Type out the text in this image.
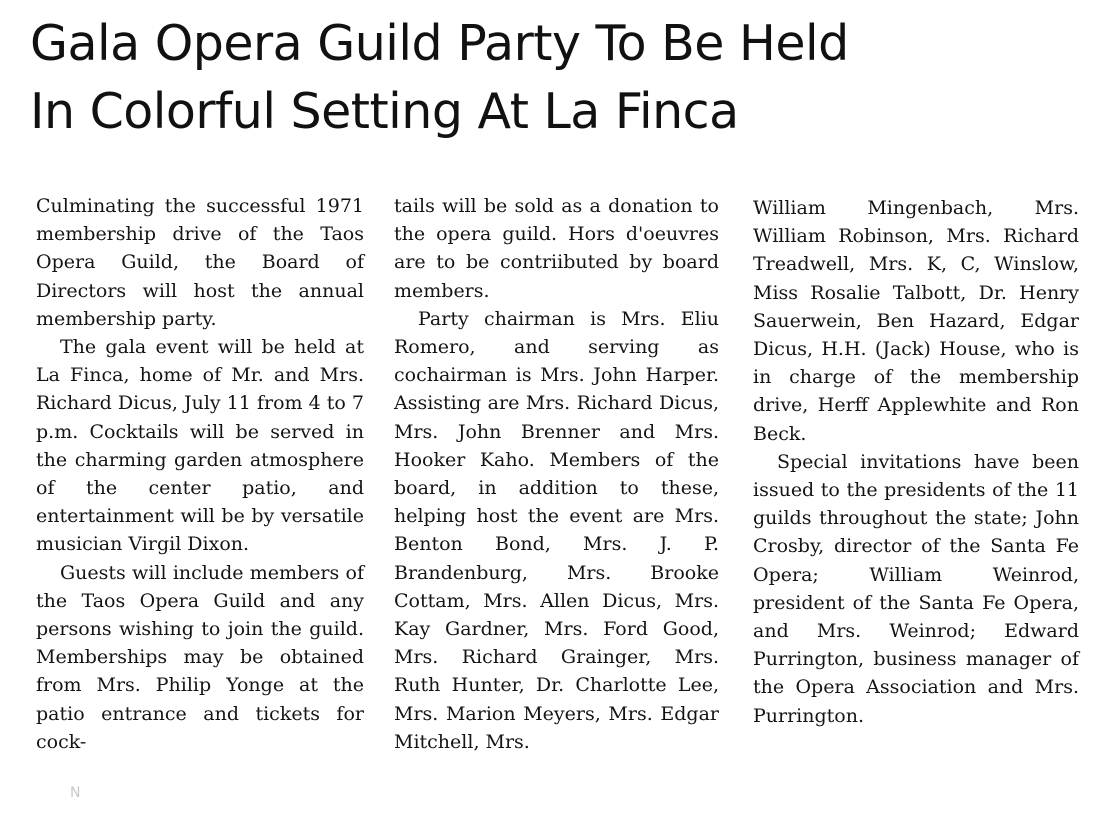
Gala Opera Guild Party To Be Held
In Colorful Setting At La Finca

Culminating the successful 1971 membership drive of the Taos Opera Guild, the Board of Directors will host the annual membership party.

The gala event will be held at La Finca, home of Mr. and Mrs. Richard Dicus, July 11 from 4 to 7 p.m. Cocktails will be served in the charming garden atmosphere of the center patio, and entertainment will be by versatile musician Virgil Dixon.

Guests will include members of the Taos Opera Guild and any persons wishing to join the guild. Memberships may be obtained from Mrs. Philip Yonge at the patio entrance and tickets for cock-

tails will be sold as a donation to the opera guild. Hors d'oeuvres are to be contriibuted by board members.

Party chairman is Mrs. Eliu Romero, and serving as cochairman is Mrs. John Harper. Assisting are Mrs. Richard Dicus, Mrs. John Brenner and Mrs. Hooker Kaho. Members of the board, in addition to these, helping host the event are Mrs. Benton Bond, Mrs. J. P. Brandenburg, Mrs. Brooke Cottam, Mrs. Allen Dicus, Mrs. Kay Gardner, Mrs. Ford Good, Mrs. Richard Grainger, Mrs. Ruth Hunter, Dr. Charlotte Lee, Mrs. Marion Meyers, Mrs. Edgar Mitchell, Mrs.

William Mingenbach, Mrs. William Robinson, Mrs. Richard Treadwell, Mrs. K, C, Winslow, Miss Rosalie Talbott, Dr. Henry Sauerwein, Ben Hazard, Edgar Dicus, H.H. (Jack) House, who is in charge of the membership drive, Herff Applewhite and Ron Beck.

Special invitations have been issued to the presidents of the 11 guilds throughout the state; John Crosby, director of the Santa Fe Opera; William Weinrod, president of the Santa Fe Opera, and Mrs. Weinrod; Edward Purrington, business manager of the Opera Association and Mrs. Purrington.

N
